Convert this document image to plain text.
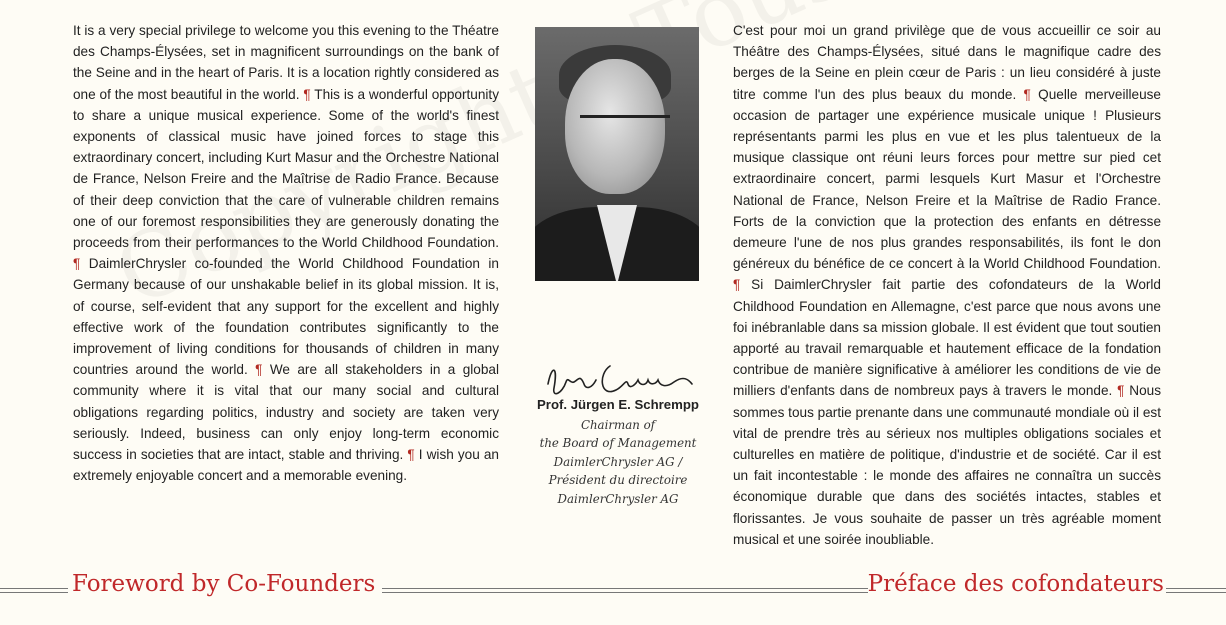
It is a very special privilege to welcome you this evening to the Théatre des Champs-Élysées, set in magnificent surroundings on the bank of the Seine and in the heart of Paris. It is a location rightly considered as one of the most beautiful in the world. ¶ This is a wonderful opportunity to share a unique musical experience. Some of the world's finest exponents of classical music have joined forces to stage this extraordinary concert, including Kurt Masur and the Orchestre National de France, Nelson Freire and the Maîtrise de Radio France. Because of their deep conviction that the care of vulnerable children remains one of our foremost responsibilities they are generously donating the proceeds from their performances to the World Childhood Foundation. ¶ DaimlerChrysler co-founded the World Childhood Foundation in Germany because of our unshakable belief in its global mission. It is, of course, self-evident that any support for the excellent and highly effective work of the foundation contributes significantly to the improvement of living conditions for thousands of children in many countries around the world. ¶ We are all stakeholders in a global community where it is vital that our many social and cultural obligations regarding politics, industry and society are taken very seriously. Indeed, business can only enjoy long-term economic success in societies that are intact, stable and thriving. ¶ I wish you an extremely enjoyable concert and a memorable evening.
Prof. Jürgen E. Schrempp
Chairman of
the Board of Management
DaimlerChrysler AG /
Président du directoire
DaimlerChrysler AG
C'est pour moi un grand privilège que de vous accueillir ce soir au Théâtre des Champs-Élysées, situé dans le magnifique cadre des berges de la Seine en plein cœur de Paris : un lieu considéré à juste titre comme l'un des plus beaux du monde. ¶ Quelle merveilleuse occasion de partager une expérience musicale unique ! Plusieurs représentants parmi les plus en vue et les plus talentueux de la musique classique ont réuni leurs forces pour mettre sur pied cet extraordinaire concert, parmi lesquels Kurt Masur et l'Orchestre National de France, Nelson Freire et la Maîtrise de Radio France. Forts de la conviction que la protection des enfants en détresse demeure l'une de nos plus grandes responsabilités, ils font le don généreux du bénéfice de ce concert à la World Childhood Foundation. ¶ Si DaimlerChrysler fait partie des cofondateurs de la World Childhood Foundation en Allemagne, c'est parce que nous avons une foi inébranlable dans sa mission globale. Il est évident que tout soutien apporté au travail remarquable et hautement efficace de la fondation contribue de manière significative à améliorer les conditions de vie de milliers d'enfants dans de nombreux pays à travers le monde. ¶ Nous sommes tous partie prenante dans une communauté mondiale où il est vital de prendre très au sérieux nos multiples obligations sociales et culturelles en matière de politique, d'industrie et de société. Car il est un fait incontestable : le monde des affaires ne connaîtra un succès économique durable que dans des sociétés intactes, stables et florissantes. Je vous souhaite de passer un très agréable moment musical et une soirée inoubliable.
Foreword by Co-Founders	Préface des cofondateurs
